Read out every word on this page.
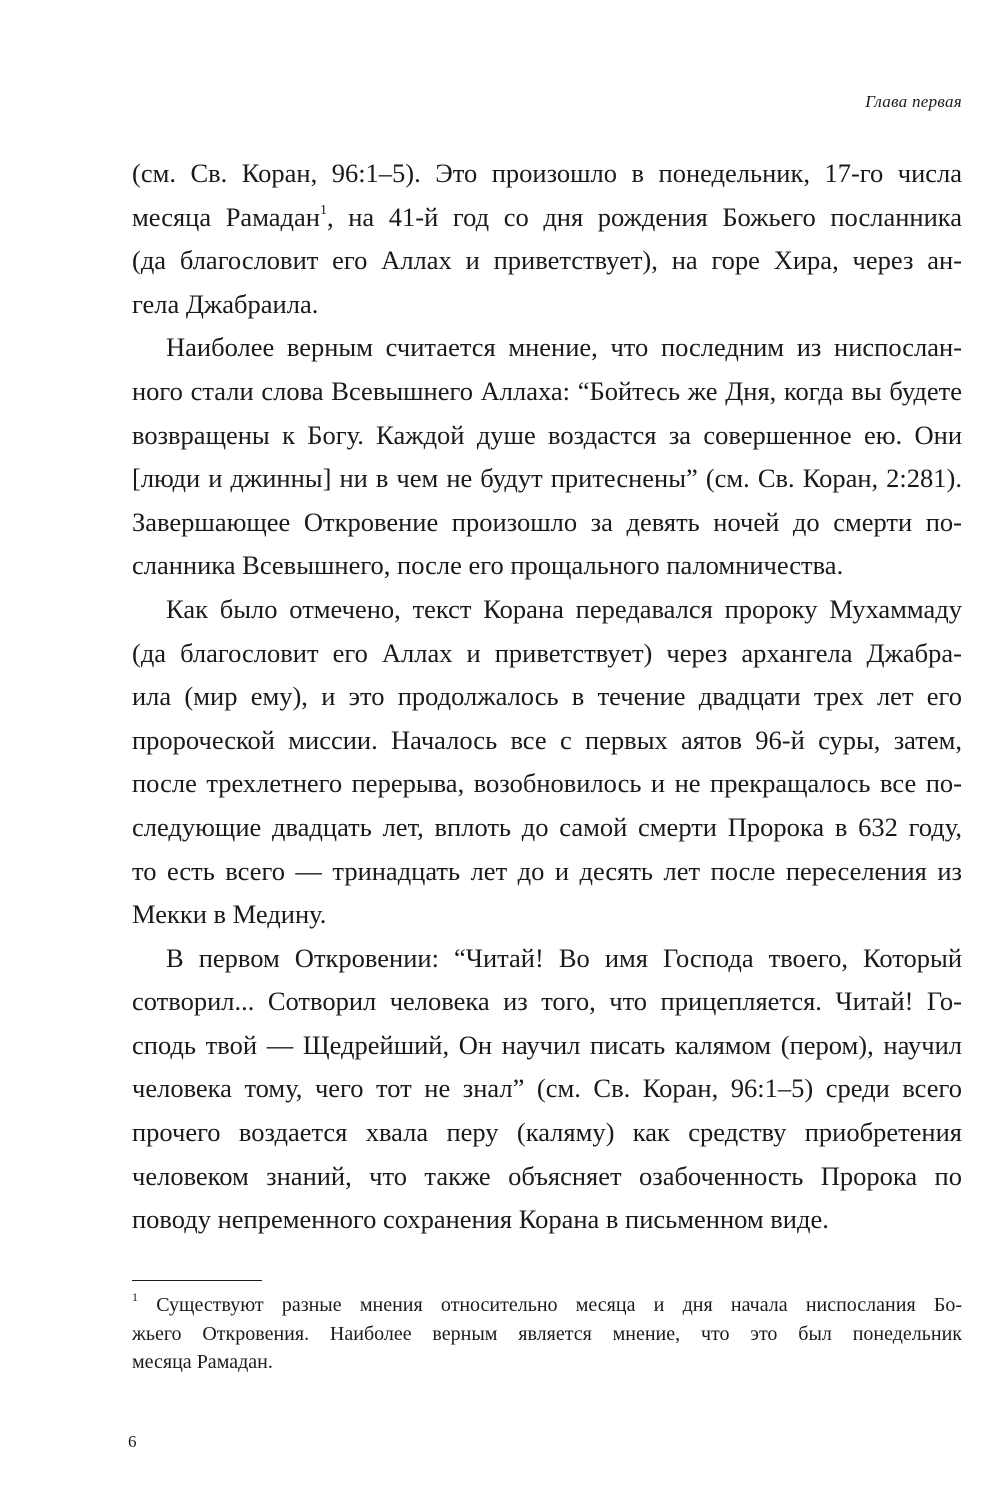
Глава первая

(см. Св. Коран, 96:1–5). Это произошло в понедельник, 17-го числа
месяца Рамадан$^1$, на 41-й год со дня рождения Божьего посланника
(да благословит его Аллах и приветствует), на горе Хира, через ан-
гела Джабраила.

Наиболее верным считается мнение, что последним из ниспослан-
ного стали слова Всевышнего Аллаха: “Бойтесь же Дня, когда вы будете
возвращены к Богу. Каждой душе воздастся за совершенное ею. Они
[люди и джинны] ни в чем не будут притеснены” (см. Св. Коран, 2:281).
Завершающее Откровение произошло за девять ночей до смерти по-
сланника Всевышнего, после его прощального паломничества.

Как было отмечено, текст Корана передавался пророку Мухаммаду
(да благословит его Аллах и приветствует) через архангела Джабра-
ила (мир ему), и это продолжалось в течение двадцати трех лет его
пророческой миссии. Началось все с первых аятов 96-й суры, затем,
после трехлетнего перерыва, возобновилось и не прекращалось все по-
следующие двадцать лет, вплоть до самой смерти Пророка в 632 году,
то есть всего — тринадцать лет до и десять лет после переселения из
Мекки в Медину.

В первом Откровении: “Читай! Во имя Господа твоего, Который
сотворил... Сотворил человека из того, что прицепляется. Читай! Го-
сподь твой — Щедрейший, Он научил писать калямом (пером), научил
человека тому, чего тот не знал” (см. Св. Коран, 96:1–5) среди всего
прочего воздается хвала перу (каляму) как средству приобретения
человеком знаний, что также объясняет озабоченность Пророка по
поводу непременного сохранения Корана в письменном виде.

$^1$ Существуют разные мнения относительно месяца и дня начала ниспослания Бо-
жьего Откровения. Наиболее верным является мнение, что это был понедельник
месяца Рамадан.
6
